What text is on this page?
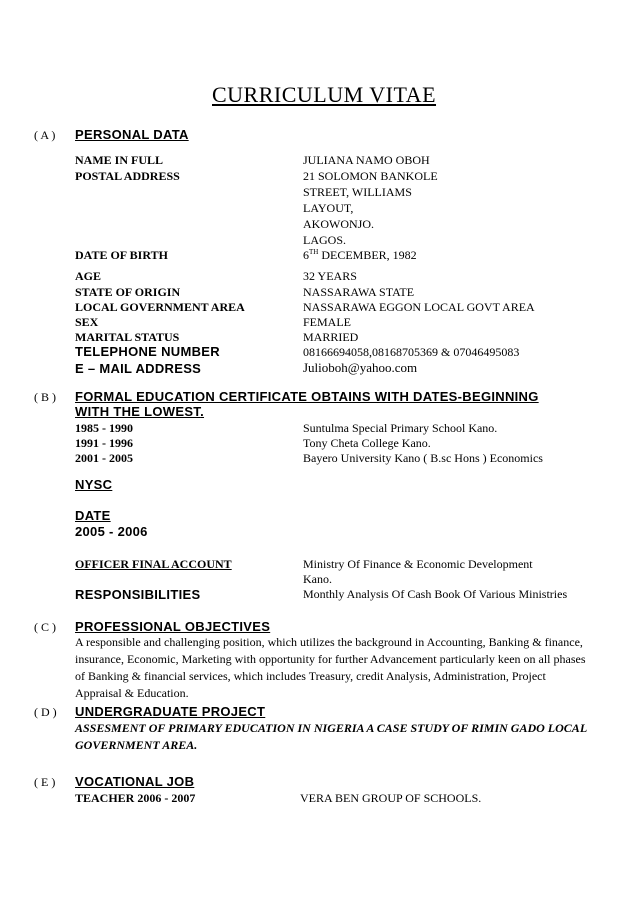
CURRICULUM VITAE
( A ) PERSONAL DATA
NAME IN FULL	JULIANA NAMO OBOH
POSTAL ADDRESS	21 SOLOMON BANKOLE
STREET, WILLIAMS
LAYOUT,
AKOWONJO.
LAGOS.
DATE OF BIRTH	6TH DECEMBER, 1982
AGE	32 YEARS
STATE OF ORIGIN	NASSARAWA STATE
LOCAL GOVERNMENT AREA	NASSARAWA EGGON LOCAL GOVT AREA
SEX	FEMALE
MARITAL STATUS	MARRIED
TELEPHONE NUMBER	08166694058,08168705369 & 07046495083
E – MAIL ADDRESS	Julioboh@yahoo.com
( B ) FORMAL EDUCATION CERTIFICATE OBTAINS WITH DATES-BEGINNING
WITH THE LOWEST.
1985 - 1990	Suntulma Special Primary School Kano.
1991 - 1996	Tony Cheta College Kano.
2001 - 2005	Bayero University Kano ( B.sc Hons ) Economics
NYSC
DATE
2005 - 2006
OFFICER FINAL ACCOUNT	Ministry Of Finance & Economic Development
Kano.
RESPONSIBILITIES	Monthly Analysis Of Cash Book Of Various Ministries
( C ) PROFESSIONAL OBJECTIVES
A responsible and challenging position, which utilizes the background in Accounting, Banking & finance, insurance, Economic, Marketing with opportunity for further Advancement particularly keen on all phases of Banking & financial services, which includes Treasury, credit Analysis, Administration, Project Appraisal & Education.
( D ) UNDERGRADUATE PROJECT
ASSESMENT OF PRIMARY EDUCATION IN NIGERIA A CASE STUDY OF RIMIN GADO LOCAL GOVERNMENT AREA.
( E ) VOCATIONAL JOB
TEACHER 2006 - 2007	VERA BEN GROUP OF SCHOOLS.
